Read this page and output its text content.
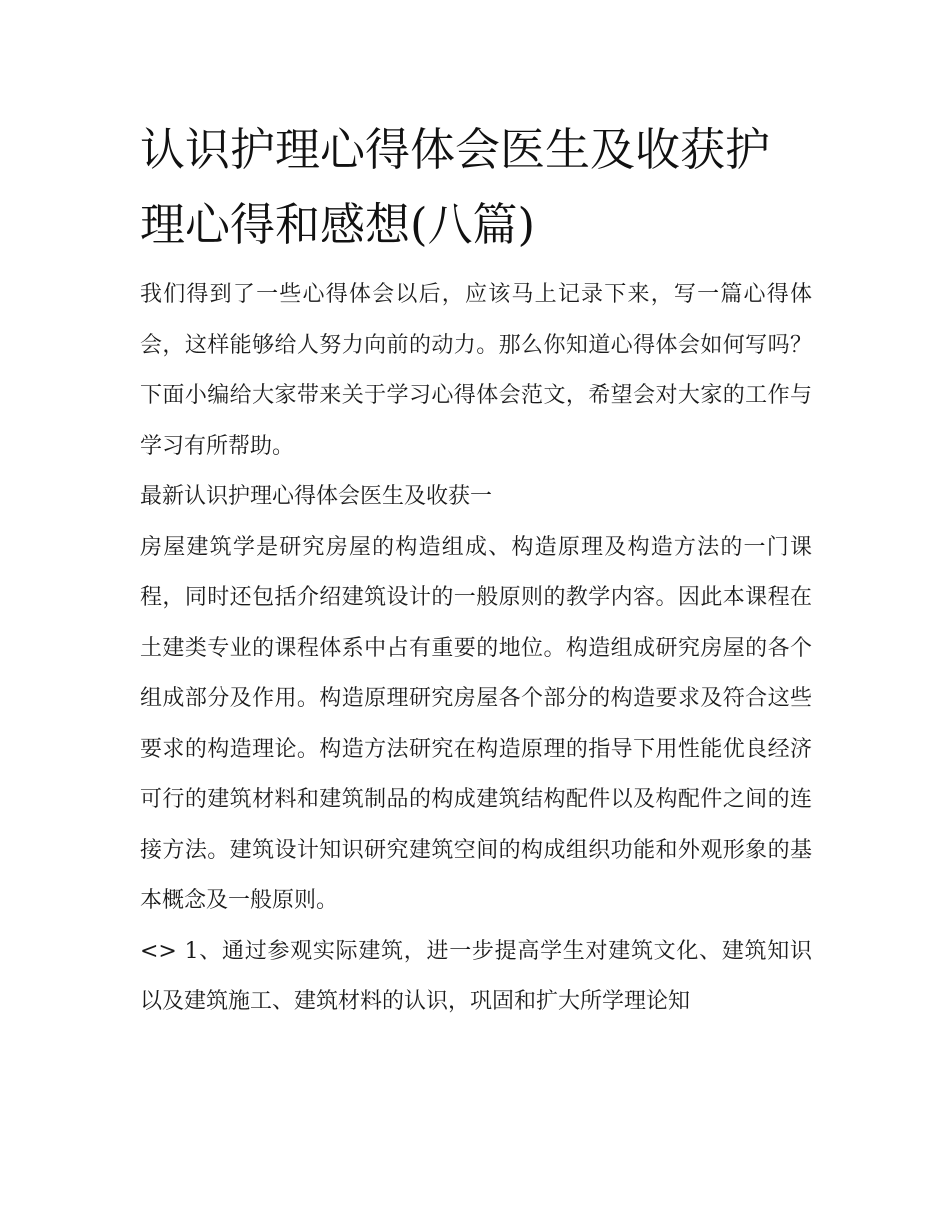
认识护理心得体会医生及收获护理心得和感想(八篇)

我们得到了一些心得体会以后，应该马上记录下来，写一篇心得体会，这样能够给人努力向前的动力。那么你知道心得体会如何写吗？下面小编给大家带来关于学习心得体会范文，希望会对大家的工作与学习有所帮助。

最新认识护理心得体会医生及收获一

房屋建筑学是研究房屋的构造组成、构造原理及构造方法的一门课程，同时还包括介绍建筑设计的一般原则的教学内容。因此本课程在土建类专业的课程体系中占有重要的地位。构造组成研究房屋的各个组成部分及作用。构造原理研究房屋各个部分的构造要求及符合这些要求的构造理论。构造方法研究在构造原理的指导下用性能优良经济可行的建筑材料和建筑制品的构成建筑结构配件以及构配件之间的连接方法。建筑设计知识研究建筑空间的构成组织功能和外观形象的基本概念及一般原则。

<> 1、通过参观实际建筑，进一步提高学生对建筑文化、建筑知识以及建筑施工、建筑材料的认识，巩固和扩大所学理论知
